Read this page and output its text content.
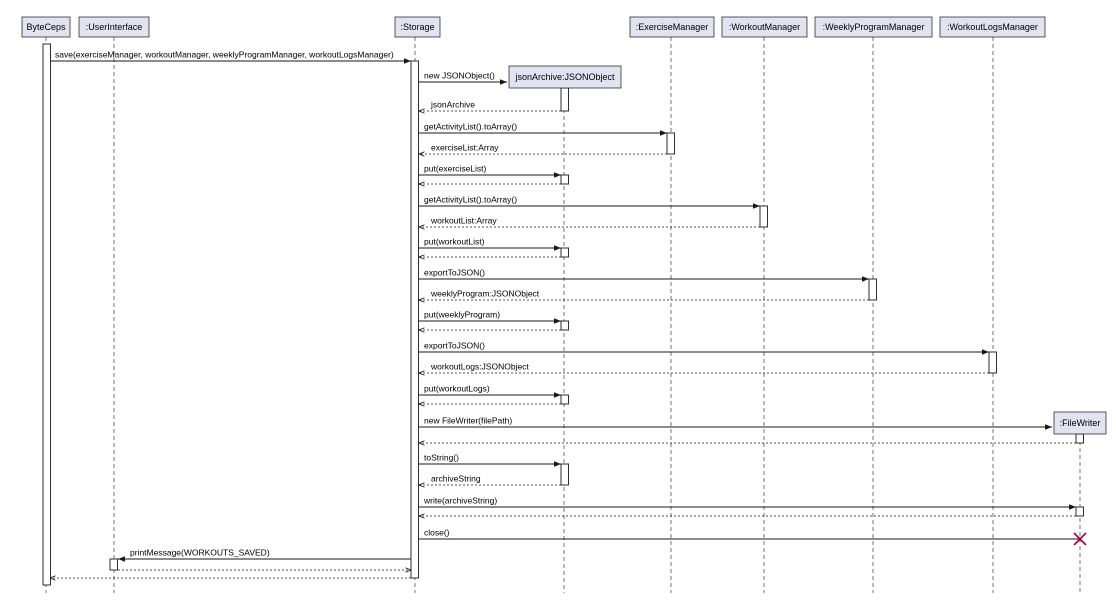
save(exerciseManager, workoutManager, weeklyProgramManager, workoutLogsManager)
new JSONObject()
jsonArchive
getActivityList().toArray()
exerciseList:Array
put(exerciseList)
getActivityList().toArray()
workoutList:Array
put(workoutList)
exportToJSON()
weeklyProgram:JSONObject
put(weeklyProgram)
exportToJSON()
workoutLogs:JSONObject
put(workoutLogs)
new FileWriter(filePath)
toString()
archiveString
write(archiveString)
close()
printMessage(WORKOUTS_SAVED)
ByteCeps :UserInterface	:Storage	:ExerciseManager :WorkoutManager :WeeklyProgramManager	:WorkoutLogsManager
jsonArchive:JSONObject
:FileWriter
